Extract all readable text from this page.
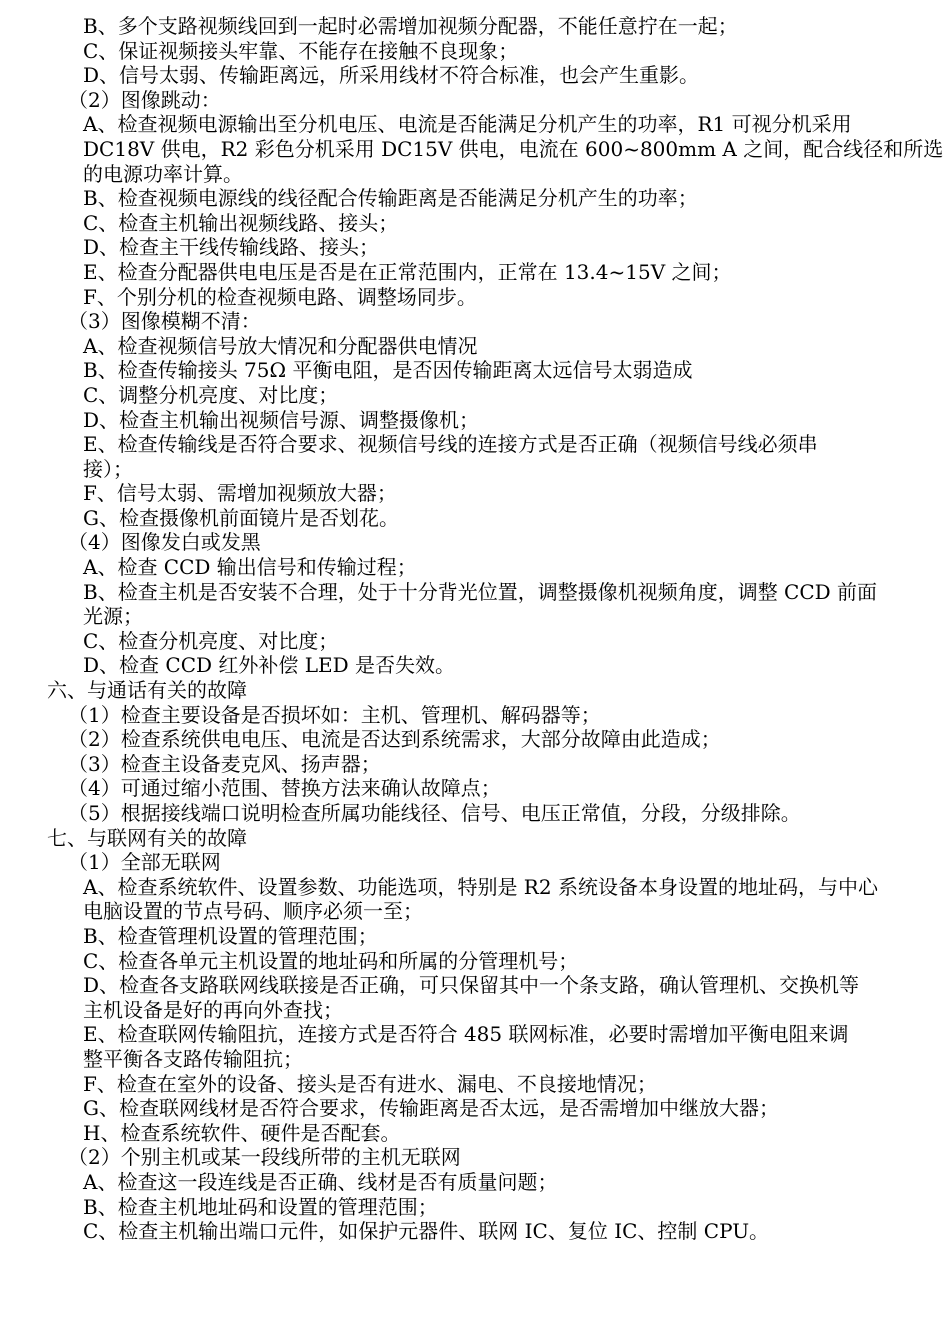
B、多个支路视频线回到一起时必需增加视频分配器，不能任意拧在一起；
C、保证视频接头牢靠、不能存在接触不良现象；
D、信号太弱、传输距离远，所采用线材不符合标准，也会产生重影。
（2）图像跳动：
A、检查视频电源输出至分机电压、电流是否能满足分机产生的功率，R1 可视分机采用
DC18V 供电，R2 彩色分机采用 DC15V 供电，电流在 600~800mm A 之间，配合线径和所选
的电源功率计算。
B、检查视频电源线的线径配合传输距离是否能满足分机产生的功率；
C、检查主机输出视频线路、接头；
D、检查主干线传输线路、接头；
E、检查分配器供电电压是否是在正常范围内，正常在 13.4~15V 之间；
F、个别分机的检查视频电路、调整场同步。
（3）图像模糊不清：
A、检查视频信号放大情况和分配器供电情况
B、检查传输接头 75Ω 平衡电阻，是否因传输距离太远信号太弱造成
C、调整分机亮度、对比度；
D、检查主机输出视频信号源、调整摄像机；
E、检查传输线是否符合要求、视频信号线的连接方式是否正确（视频信号线必须串
接）；
F、信号太弱、需增加视频放大器；
G、检查摄像机前面镜片是否划花。
（4）图像发白或发黑
A、检查 CCD 输出信号和传输过程；
B、检查主机是否安装不合理，处于十分背光位置，调整摄像机视频角度，调整 CCD 前面
光源；
C、检查分机亮度、对比度；
D、检查 CCD 红外补偿 LED 是否失效。
六、与通话有关的故障
（1）检查主要设备是否损坏如：主机、管理机、解码器等；
（2）检查系统供电电压、电流是否达到系统需求，大部分故障由此造成；
（3）检查主设备麦克风、扬声器；
（4）可通过缩小范围、替换方法来确认故障点；
（5）根据接线端口说明检查所属功能线径、信号、电压正常值，分段，分级排除。
七、与联网有关的故障
（1）全部无联网
A、检查系统软件、设置参数、功能选项，特别是 R2 系统设备本身设置的地址码，与中心
电脑设置的节点号码、顺序必须一至；
B、检查管理机设置的管理范围；
C、检查各单元主机设置的地址码和所属的分管理机号；
D、检查各支路联网线联接是否正确，可只保留其中一个条支路，确认管理机、交换机等
主机设备是好的再向外查找；
E、检查联网传输阻抗，连接方式是否符合 485 联网标准，必要时需增加平衡电阻来调
整平衡各支路传输阻抗；
F、检查在室外的设备、接头是否有进水、漏电、不良接地情况；
G、检查联网线材是否符合要求，传输距离是否太远，是否需增加中继放大器；
H、检查系统软件、硬件是否配套。
（2）个别主机或某一段线所带的主机无联网
A、检查这一段连线是否正确、线材是否有质量问题；
B、检查主机地址码和设置的管理范围；
C、检查主机输出端口元件，如保护元器件、联网 IC、复位 IC、控制 CPU。
